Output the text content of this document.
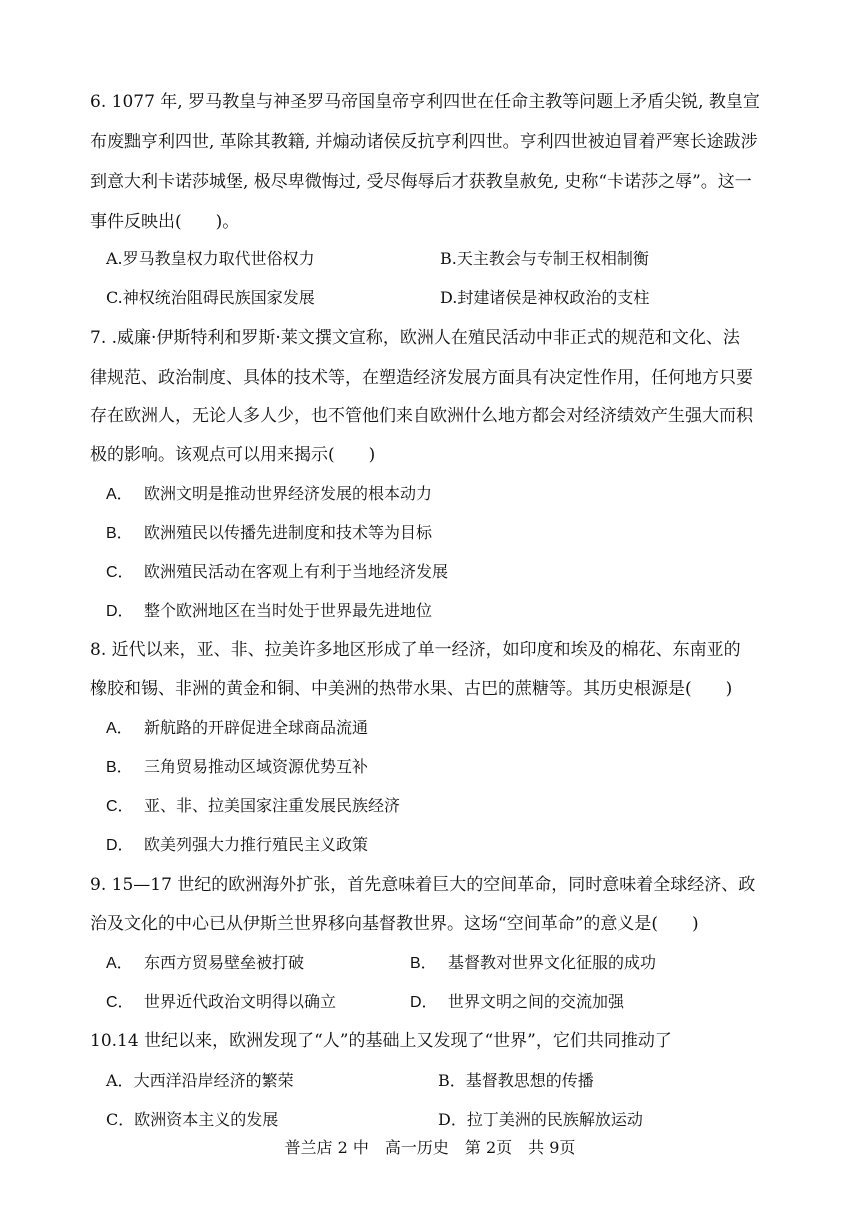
6. 1077 年, 罗马教皇与神圣罗马帝国皇帝亨利四世在任命主教等问题上矛盾尖锐, 教皇宣
布废黜亨利四世, 革除其教籍, 并煽动诸侯反抗亨利四世。亨利四世被迫冒着严寒长途跋涉
到意大利卡诺莎城堡, 极尽卑微悔过, 受尽侮辱后才获教皇赦免, 史称“卡诺莎之辱”。这一
事件反映出(　　)。
A.罗马教皇权力取代世俗权力	B.天主教会与专制王权相制衡
C.神权统治阻碍民族国家发展	D.封建诸侯是神权政治的支柱
7. .威廉·伊斯特利和罗斯·莱文撰文宣称，欧洲人在殖民活动中非正式的规范和文化、法
律规范、政治制度、具体的技术等，在塑造经济发展方面具有决定性作用，任何地方只要
存在欧洲人，无论人多人少，也不管他们来自欧洲什么地方都会对经济绩效产生强大而积
极的影响。该观点可以用来揭示(　　)
A． 欧洲文明是推动世界经济发展的根本动力
B． 欧洲殖民以传播先进制度和技术等为目标
C． 欧洲殖民活动在客观上有利于当地经济发展
D． 整个欧洲地区在当时处于世界最先进地位
8. 近代以来，亚、非、拉美许多地区形成了单一经济，如印度和埃及的棉花、东南亚的
橡胶和锡、非洲的黄金和铜、中美洲的热带水果、古巴的蔗糖等。其历史根源是(　　)
A． 新航路的开辟促进全球商品流通
B． 三角贸易推动区域资源优势互补
C． 亚、非、拉美国家注重发展民族经济
D． 欧美列强大力推行殖民主义政策
9. 15—17 世纪的欧洲海外扩张，首先意味着巨大的空间革命，同时意味着全球经济、政
治及文化的中心已从伊斯兰世界移向基督教世界。这场“空间革命”的意义是(　　)
A． 东西方贸易壁垒被打破	B． 基督教对世界文化征服的成功
C． 世界近代政治文明得以确立	D． 世界文明之间的交流加强
10.14 世纪以来，欧洲发现了“人”的基础上又发现了“世界”，它们共同推动了
A．大西洋沿岸经济的繁荣	B．基督教思想的传播
C．欧洲资本主义的发展	D．拉丁美洲的民族解放运动
普兰店 2 中　高一历史　第 2页　共 9页
